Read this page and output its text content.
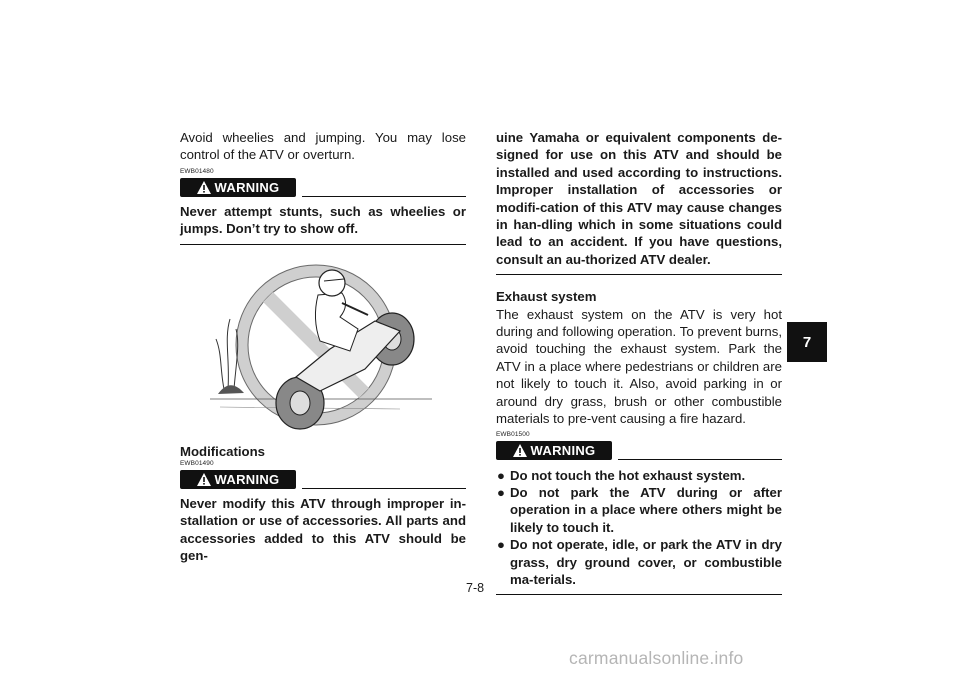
Avoid wheelies and jumping. You may lose control of the ATV or overturn.

EWB01480
WARNING

Never attempt stunts, such as wheelies or jumps. Don’t try to show off.

Modifications

EWB01490
WARNING

Never modify this ATV through improper in-stallation or use of accessories. All parts and accessories added to this ATV should be gen-

uine Yamaha or equivalent components de-signed for use on this ATV and should be installed and used according to instructions. Improper installation of accessories or modifi-cation of this ATV may cause changes in han-dling which in some situations could lead to an accident. If you have questions, consult an au-thorized ATV dealer.

Exhaust system

The exhaust system on the ATV is very hot during and following operation. To prevent burns, avoid touching the exhaust system. Park the ATV in a place where pedestrians or children are not likely to touch it. Also, avoid parking in or around dry grass, brush or other combustible materials to pre-vent causing a fire hazard.

EWB01500
WARNING
● Do not touch the hot exhaust system.
● Do not park the ATV during or after operation in a place where others might be likely to touch it.
● Do not operate, idle, or park the ATV in dry grass, dry ground cover, or combustible ma-terials.
7
7-8
carmanualsonline.info
